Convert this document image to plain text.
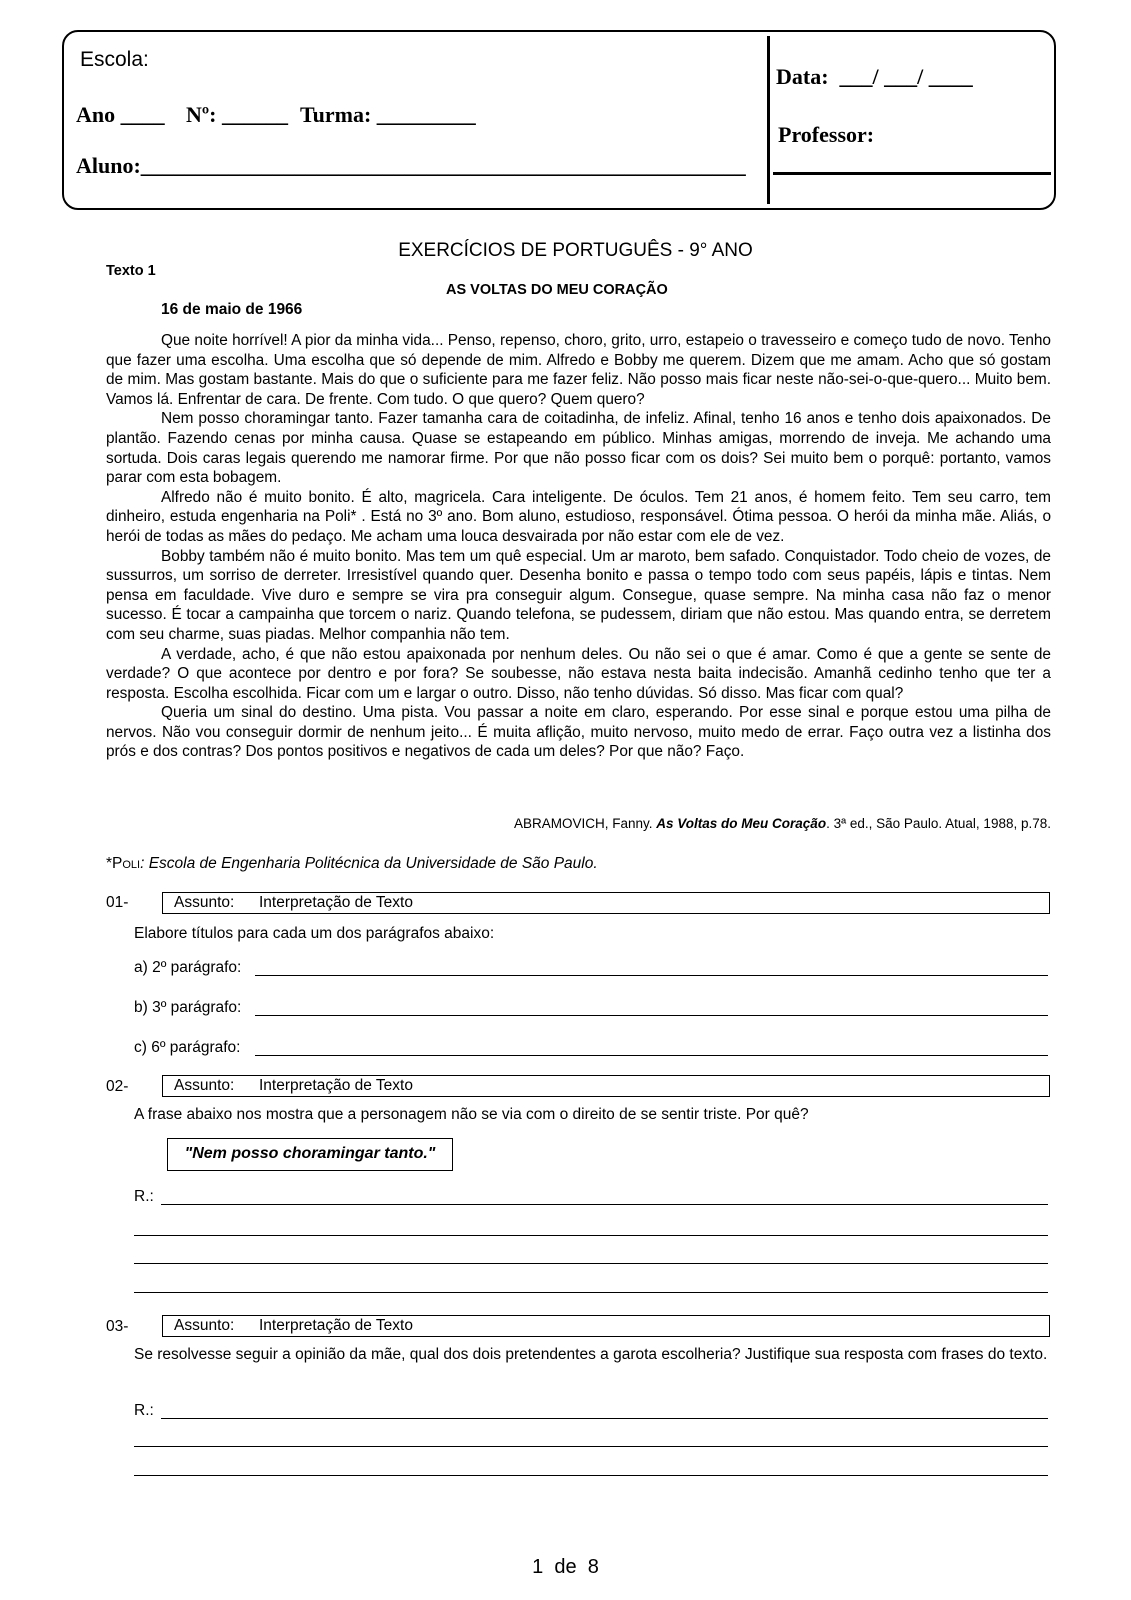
Escola:
Ano ____ Nº: ______ Turma: _________
Aluno:_______________________________________________________
Data:  ___/ ___/ ____
Professor:
EXERCÍCIOS DE PORTUGUÊS - 9° ANO
Texto 1
AS VOLTAS DO MEU CORAÇÃO
16 de maio de 1966
Que noite horrível! A pior da minha vida... Penso, repenso, choro, grito, urro, estapeio o travesseiro e começo tudo de novo. Tenho que fazer uma escolha. Uma escolha que só depende de mim. Alfredo e Bobby me querem. Dizem que me amam. Acho que só gostam de mim. Mas gostam bastante. Mais do que o suficiente para me fazer feliz. Não posso mais ficar neste não-sei-o-que-quero... Muito bem. Vamos lá. Enfrentar de cara. De frente. Com tudo. O que quero? Quem quero?
Nem posso choramingar tanto. Fazer tamanha cara de coitadinha, de infeliz. Afinal, tenho 16 anos e tenho dois apaixonados. De plantão. Fazendo cenas por minha causa. Quase se estapeando em público. Minhas amigas, morrendo de inveja. Me achando uma sortuda. Dois caras legais querendo me namorar firme. Por que não posso ficar com os dois? Sei muito bem o porquê: portanto, vamos parar com esta bobagem.
Alfredo não é muito bonito. É alto, magricela. Cara inteligente. De óculos. Tem 21 anos, é homem feito. Tem seu carro, tem dinheiro, estuda engenharia na Poli* . Está no 3º ano. Bom aluno, estudioso, responsável. Ótima pessoa. O herói da minha mãe. Aliás, o herói de todas as mães do pedaço. Me acham uma louca desvairada por não estar com ele de vez.
Bobby também não é muito bonito. Mas tem um quê especial. Um ar maroto, bem safado. Conquistador. Todo cheio de vozes, de sussurros, um sorriso de derreter. Irresistível quando quer. Desenha bonito e passa o tempo todo com seus papéis, lápis e tintas. Nem pensa em faculdade. Vive duro e sempre se vira pra conseguir algum. Consegue, quase sempre. Na minha casa não faz o menor sucesso. É tocar a campainha que torcem o nariz. Quando telefona, se pudessem, diriam que não estou. Mas quando entra, se derretem com seu charme, suas piadas. Melhor companhia não tem.
A verdade, acho, é que não estou apaixonada por nenhum deles. Ou não sei o que é amar. Como é que a gente se sente de verdade? O que acontece por dentro e por fora? Se soubesse, não estava nesta baita indecisão. Amanhã cedinho tenho que ter a resposta. Escolha escolhida. Ficar com um e largar o outro. Disso, não tenho dúvidas. Só disso. Mas ficar com qual?
Queria um sinal do destino. Uma pista. Vou passar a noite em claro, esperando. Por esse sinal e porque estou uma pilha de nervos. Não vou conseguir dormir de nenhum jeito... É muita aflição, muito nervoso, muito medo de errar. Faço outra vez a listinha dos prós e dos contras? Dos pontos positivos e negativos de cada um deles? Por que não? Faço.
ABRAMOVICH, Fanny. As Voltas do Meu Coração. 3ª ed., São Paulo. Atual, 1988, p.78.
*Poli: Escola de Engenharia Politécnica da Universidade de São Paulo.
01-	Assunto: Interpretação de Texto
Elabore títulos para cada um dos parágrafos abaixo:
a) 2º parágrafo:
b) 3º parágrafo:
c) 6º parágrafo:
02-	Assunto: Interpretação de Texto
A frase abaixo nos mostra que a personagem não se via com o direito de se sentir triste. Por quê?
"Nem posso choramingar tanto."
R.:
03-	Assunto: Interpretação de Texto
Se resolvesse seguir a opinião da mãe, qual dos dois pretendentes a garota escolheria? Justifique sua resposta com frases do texto.
R.:
1  de  8
